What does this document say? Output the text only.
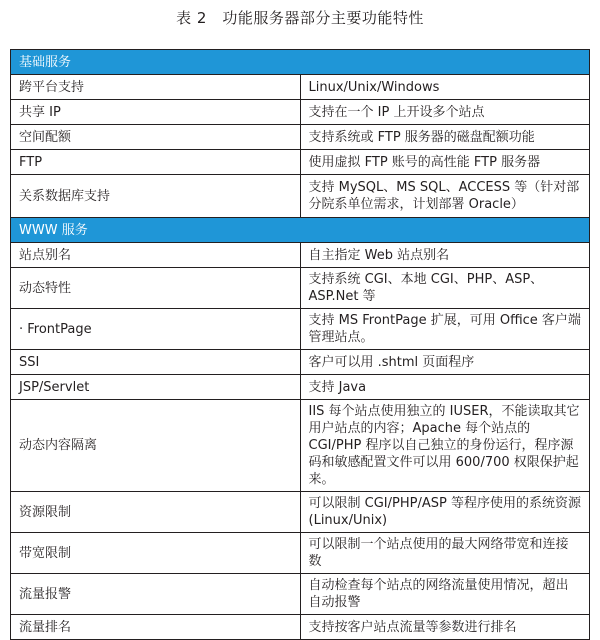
表 2　功能服务器部分主要功能特性
基础服务	
跨平台支持	Linux/Unix/Windows
共享 IP	支持在一个 IP 上开设多个站点
空间配额	支持系统或 FTP 服务器的磁盘配额功能
FTP	使用虚拟 FTP 账号的高性能 FTP 服务器
关系数据库支持	支持 MySQL、MS SQL、ACCESS 等（针对部分院系单位需求，计划部署 Oracle）
WWW 服务	
站点别名	自主指定 Web 站点别名
动态特性	支持系统 CGI、本地 CGI、PHP、ASP、ASP.Net 等
· FrontPage	支持 MS FrontPage 扩展，可用 Office 客户端管理站点。
SSI	客户可以用 .shtml 页面程序
JSP/Servlet	支持 Java
动态内容隔离	IIS 每个站点使用独立的 IUSER，不能读取其它用户站点的内容；Apache 每个站点的 CGI/PHP 程序以自己独立的身份运行，程序源码和敏感配置文件可以用 600/700 权限保护起来。
资源限制	可以限制 CGI/PHP/ASP 等程序使用的系统资源 (Linux/Unix)
带宽限制	可以限制一个站点使用的最大网络带宽和连接数
流量报警	自动检查每个站点的网络流量使用情况，超出自动报警
流量排名	支持按客户站点流量等参数进行排名
